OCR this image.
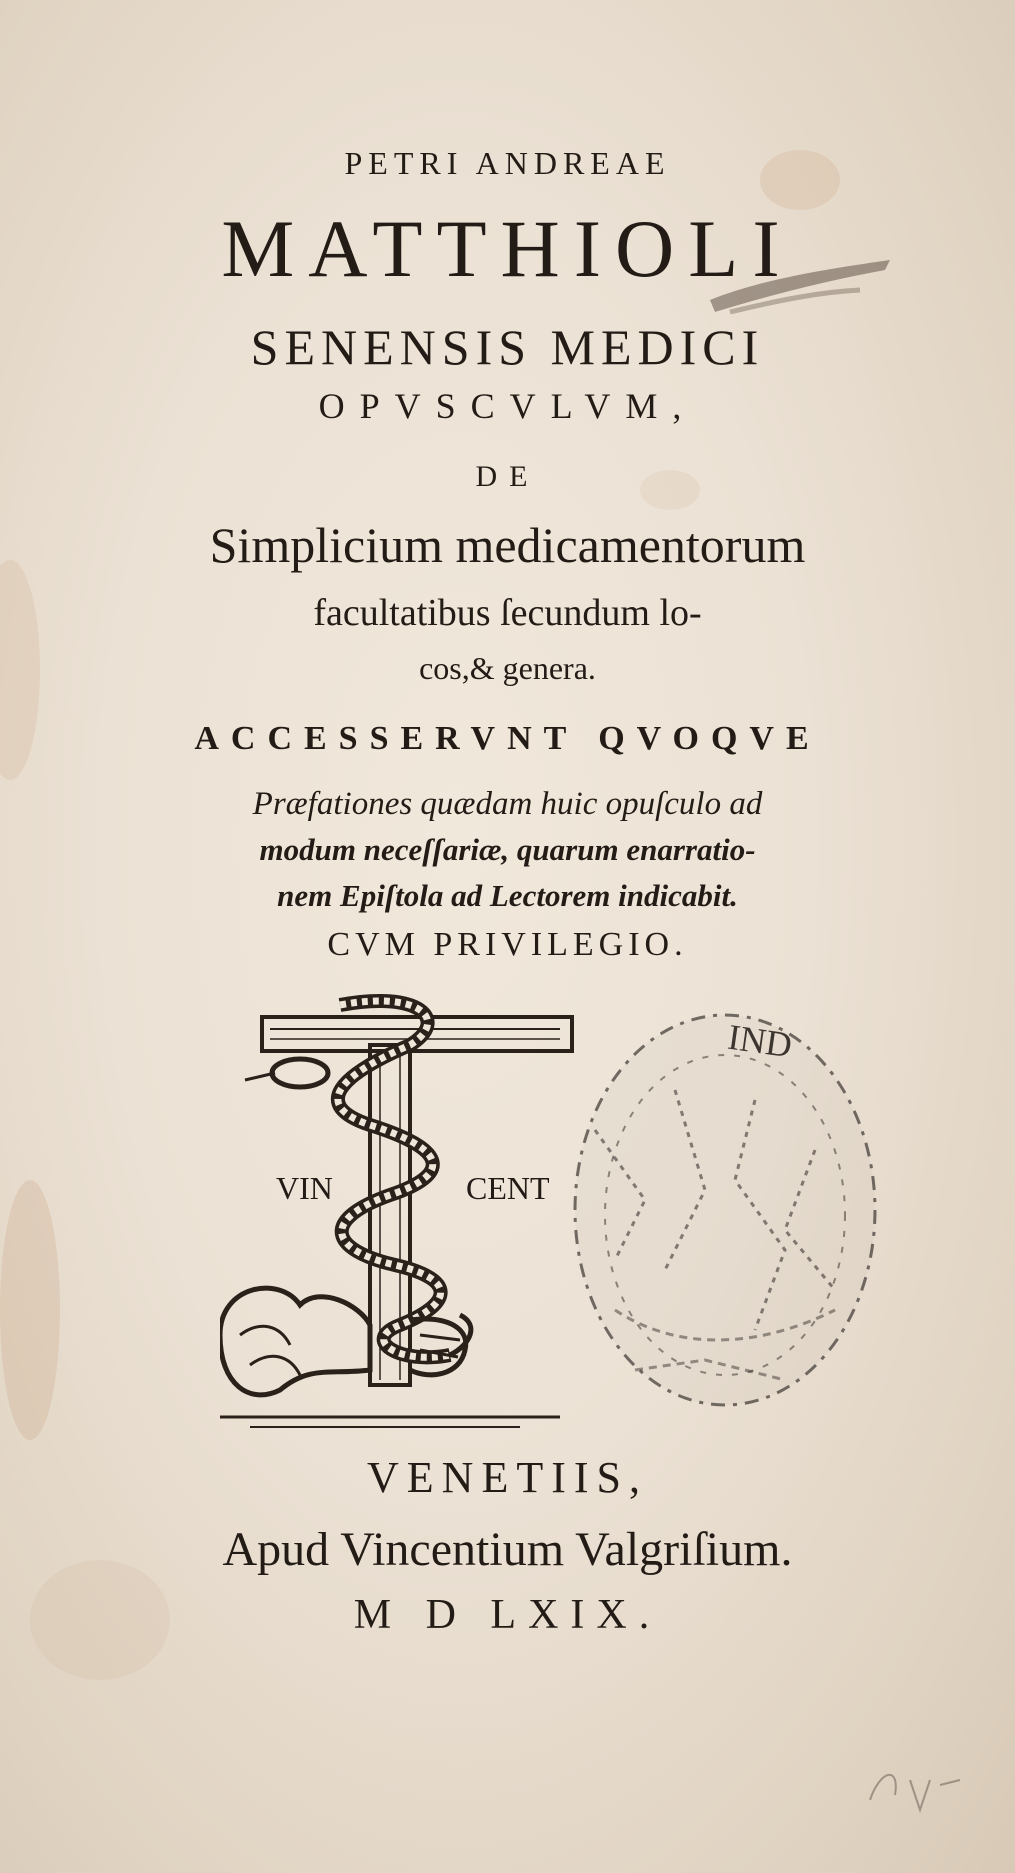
PETRI ANDREAE

MATTHIOLI

SENENSIS MEDICI

OPVSCVLVM,

DE

Simplicium medicamentorum

facultatibus ſecundum lo-

cos,& genera.

ACCESSERVNT QVOQVE

Præfationes quædam huic opuſculo ad

modum neceſſariæ, quarum enarratio-

nem Epiſtola ad Lectorem indicabit.

CVM PRIVILEGIO.

VIN	CENT
IND

VENETIIS,

Apud Vincentium Valgriſium.

M D LXIX.
